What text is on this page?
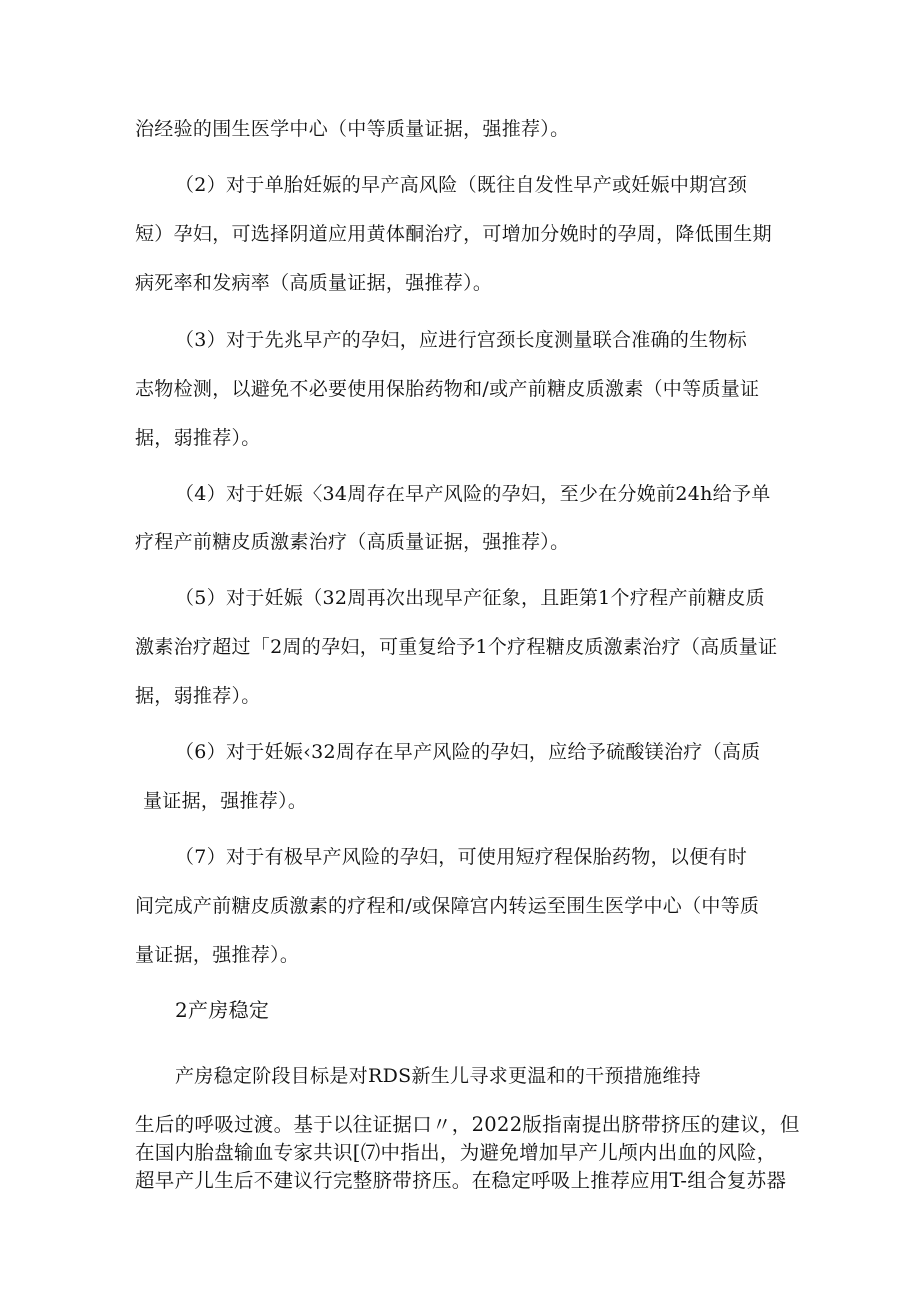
治经验的围生医学中心（中等质量证据，强推荐）。
（2）对于单胎妊娠的早产高风险（既往自发性早产或妊娠中期宫颈
短）孕妇，可选择阴道应用黄体酮治疗，可增加分娩时的孕周，降低围生期
病死率和发病率（高质量证据，强推荐）。
（3）对于先兆早产的孕妇，应进行宫颈长度测量联合准确的生物标
志物检测，以避免不必要使用保胎药物和/或产前糖皮质激素（中等质量证
据，弱推荐）。
（4）对于妊娠〈34周存在早产风险的孕妇，至少在分娩前24h给予单
疗程产前糖皮质激素治疗（高质量证据，强推荐）。
（5）对于妊娠（32周再次出现早产征象，且距第1个疗程产前糖皮质
激素治疗超过「2周的孕妇，可重复给予1个疗程糖皮质激素治疗（高质量证
据，弱推荐）。
（6）对于妊娠‹32周存在早产风险的孕妇，应给予硫酸镁治疗（高质
量证据，强推荐）。
（7）对于有极早产风险的孕妇，可使用短疗程保胎药物，以便有时
间完成产前糖皮质激素的疗程和/或保障宫内转运至围生医学中心（中等质
量证据，强推荐）。
2产房稳定
产房稳定阶段目标是对RDS新生儿寻求更温和的干预措施维持
生后的呼吸过渡。基于以往证据口〃，2022版指南提出脐带挤压的建议，但
在国内胎盘输血专家共识[⑺中指出，为避免增加早产儿颅内出血的风险，
超早产儿生后不建议行完整脐带挤压。在稳定呼吸上推荐应用T-组合复苏器
